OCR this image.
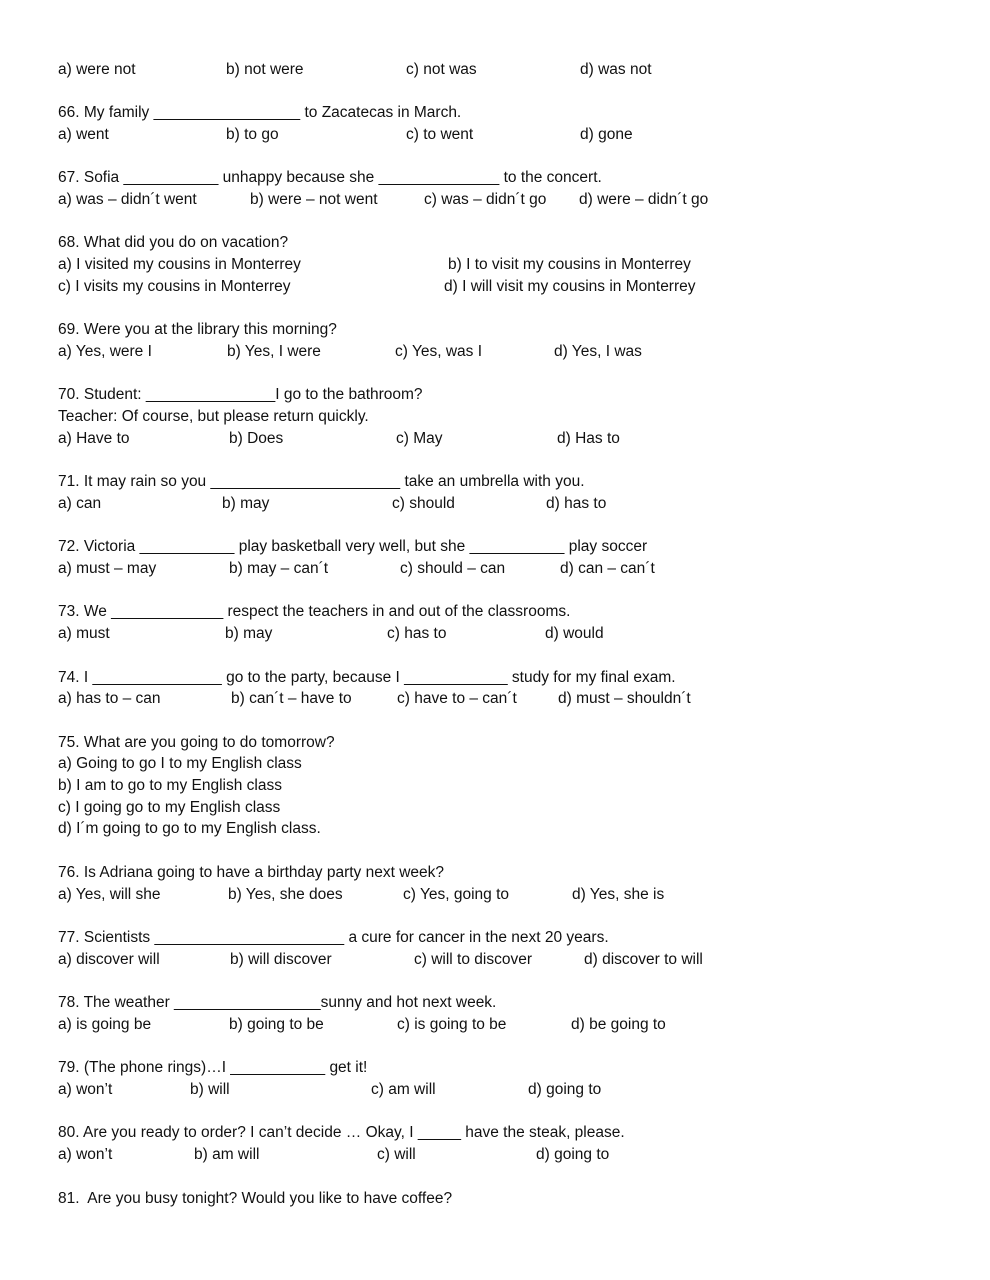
a) were not	b) not were	c) not was	d) was not
66. My family _________________ to Zacatecas in March.
a) went	b) to go	c) to went	d) gone
67. Sofia ___________ unhappy because she ______________ to the concert.
a) was – didn´t went	b) were – not went	c) was – didn´t go d) were – didn´t go
68. What did you do on vacation?
a) I visited my cousins in Monterrey	b) I to visit my cousins in Monterrey
c) I visits my cousins in Monterrey	d) I will visit my cousins in Monterrey
69. Were you at the library this morning?
a) Yes, were I	b) Yes, I were	c) Yes, was I	d) Yes, I was
70. Student: _______________I go to the bathroom?
Teacher: Of course, but please return quickly.
a) Have to	b) Does	c) May	d) Has to
71. It may rain so you ______________________ take an umbrella with you.
a) can	b) may	c) should	d) has to
72. Victoria ___________ play basketball very well, but she ___________ play soccer
a) must – may	b) may – can´t	c) should – can	d) can – can´t
73. We _____________ respect the teachers in and out of the classrooms.
a) must	b) may	c) has to	d) would
74. I _______________ go to the party, because I ____________ study for my final exam.
a) has to – can	b) can´t – have to	c) have to – can´t	d) must – shouldn´t
75. What are you going to do tomorrow?
a) Going to go I to my English class
b) I am to go to my English class
c) I going go to my English class
d) I´m going to go to my English class.
76. Is Adriana going to have a birthday party next week?
a) Yes, will she	b) Yes, she does	c) Yes, going to	d) Yes, she is
77. Scientists ______________________ a cure for cancer in the next 20 years.
a) discover will	b) will discover	c) will to discover	d) discover to will
78. The weather _________________sunny and hot next week.
a) is going be	b) going to be	c) is going to be	d) be going to
79. (The phone rings)…I ___________ get it!
a) won’t	b) will	c) am will	d) going to
80. Are you ready to order? I can’t decide … Okay, I _____ have the steak, please.
a) won’t	b) am will	c) will	d) going to
81.  Are you busy tonight? Would you like to have coffee?
